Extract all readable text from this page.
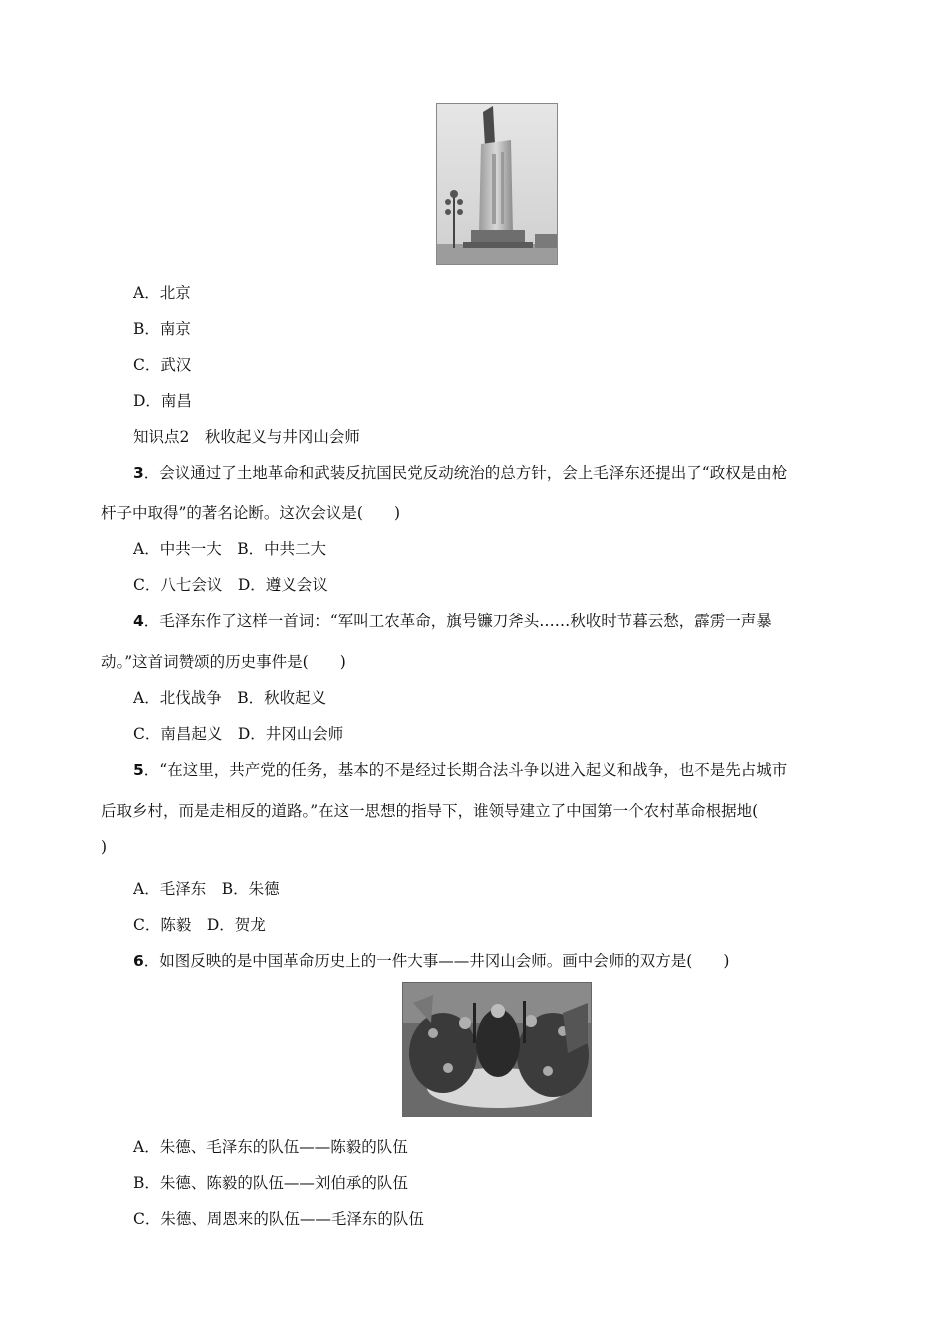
A．北京
B．南京
C．武汉
D．南昌
知识点2　秋收起义与井冈山会师
3．会议通过了土地革命和武装反抗国民党反动统治的总方针，会上毛泽东还提出了“政权是由枪
杆子中取得”的著名论断。这次会议是(　　)
A．中共一大　B．中共二大
C．八七会议　D．遵义会议
4．毛泽东作了这样一首词：“军叫工农革命，旗号镰刀斧头……秋收时节暮云愁，霹雳一声暴
动。”这首词赞颂的历史事件是(　　)
A．北伐战争　B．秋收起义
C．南昌起义　D．井冈山会师
5．“在这里，共产党的任务，基本的不是经过长期合法斗争以进入起义和战争，也不是先占城市
后取乡村，而是走相反的道路。”在这一思想的指导下，谁领导建立了中国第一个农村革命根据地(
)
A．毛泽东　B．朱德
C．陈毅　D．贺龙
6．如图反映的是中国革命历史上的一件大事——井冈山会师。画中会师的双方是(　　)
A．朱德、毛泽东的队伍——陈毅的队伍
B．朱德、陈毅的队伍——刘伯承的队伍
C．朱德、周恩来的队伍——毛泽东的队伍
